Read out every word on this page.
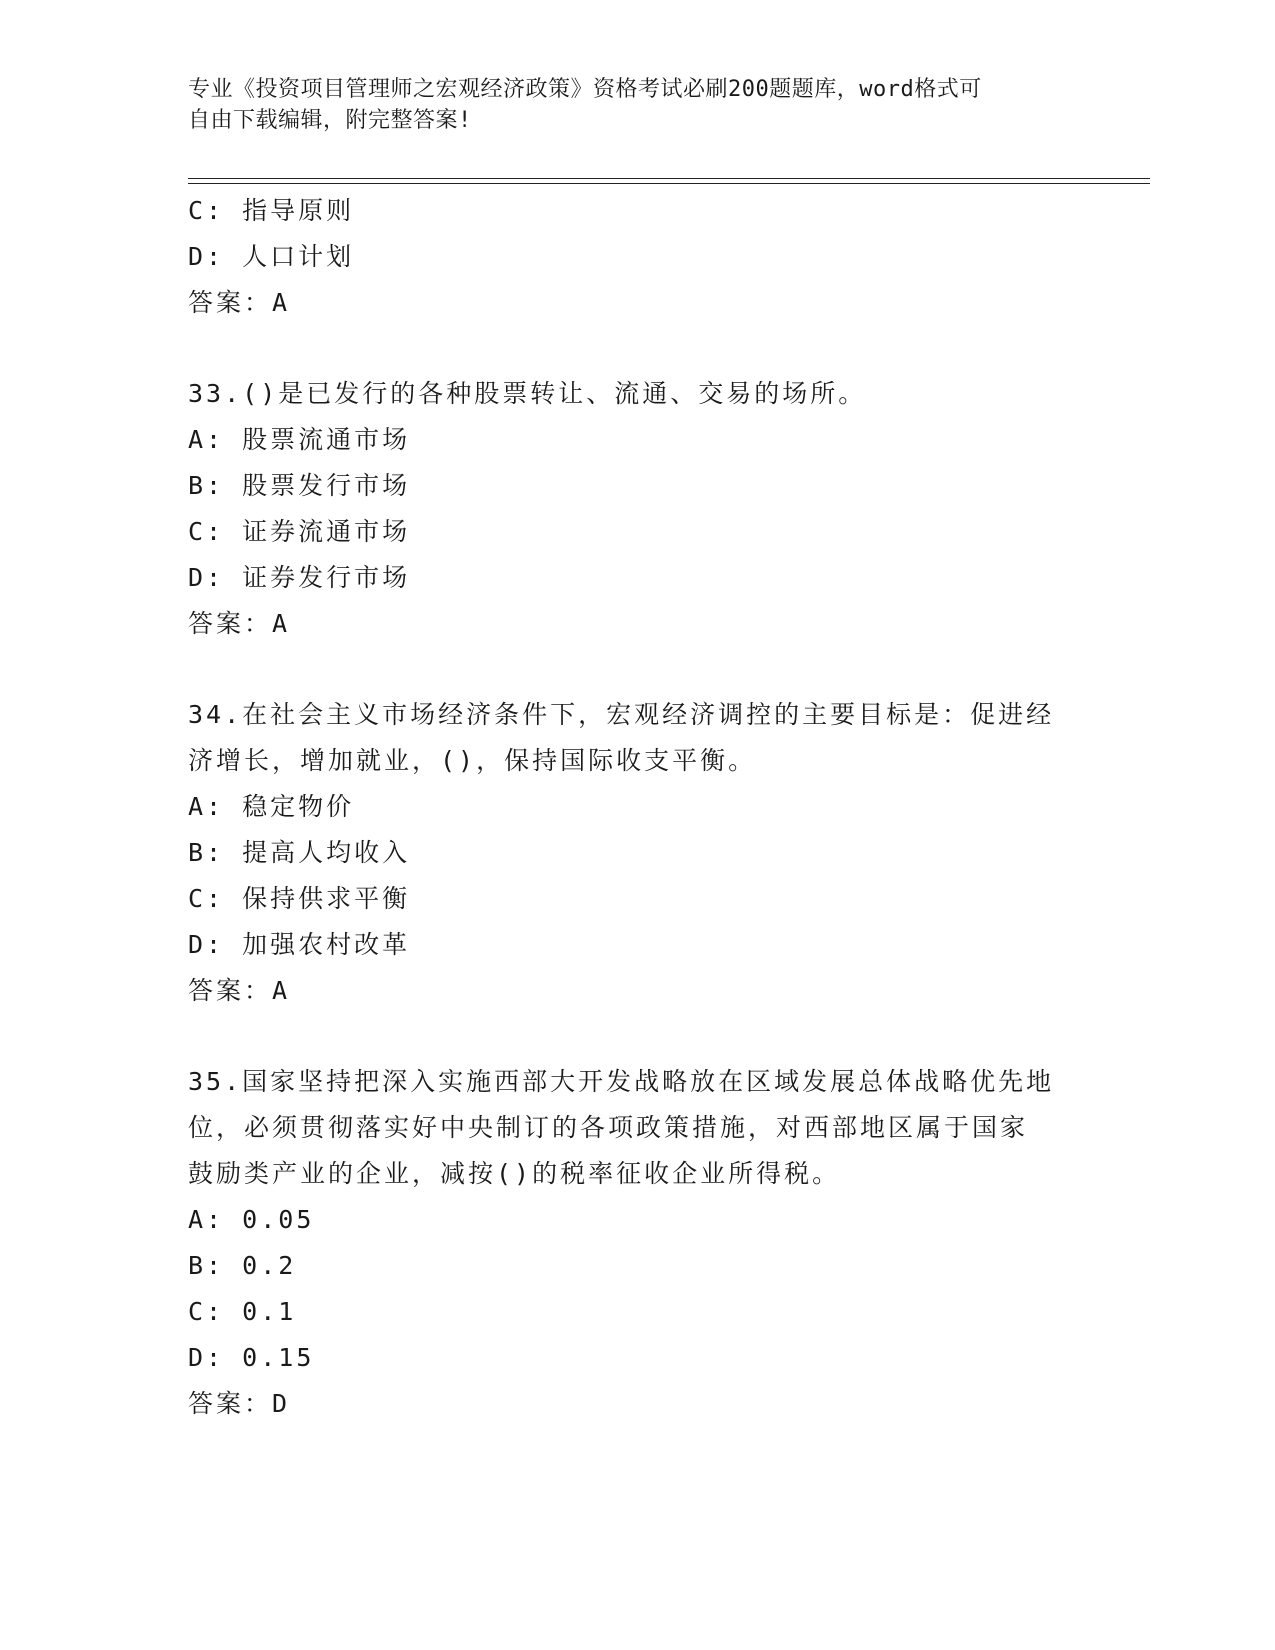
专业《投资项目管理师之宏观经济政策》资格考试必刷200题题库，word格式可
自由下载编辑，附完整答案!
C: 指导原则
D: 人口计划
答案：A
33.()是已发行的各种股票转让、流通、交易的场所。
A: 股票流通市场
B: 股票发行市场
C: 证券流通市场
D: 证券发行市场
答案：A
34.在社会主义市场经济条件下，宏观经济调控的主要目标是：促进经
济增长，增加就业，()，保持国际收支平衡。
A: 稳定物价
B: 提高人均收入
C: 保持供求平衡
D: 加强农村改革
答案：A
35.国家坚持把深入实施西部大开发战略放在区域发展总体战略优先地
位，必须贯彻落实好中央制订的各项政策措施，对西部地区属于国家
鼓励类产业的企业，减按()的税率征收企业所得税。
A: 0.05
B: 0.2
C: 0.1
D: 0.15
答案：D
